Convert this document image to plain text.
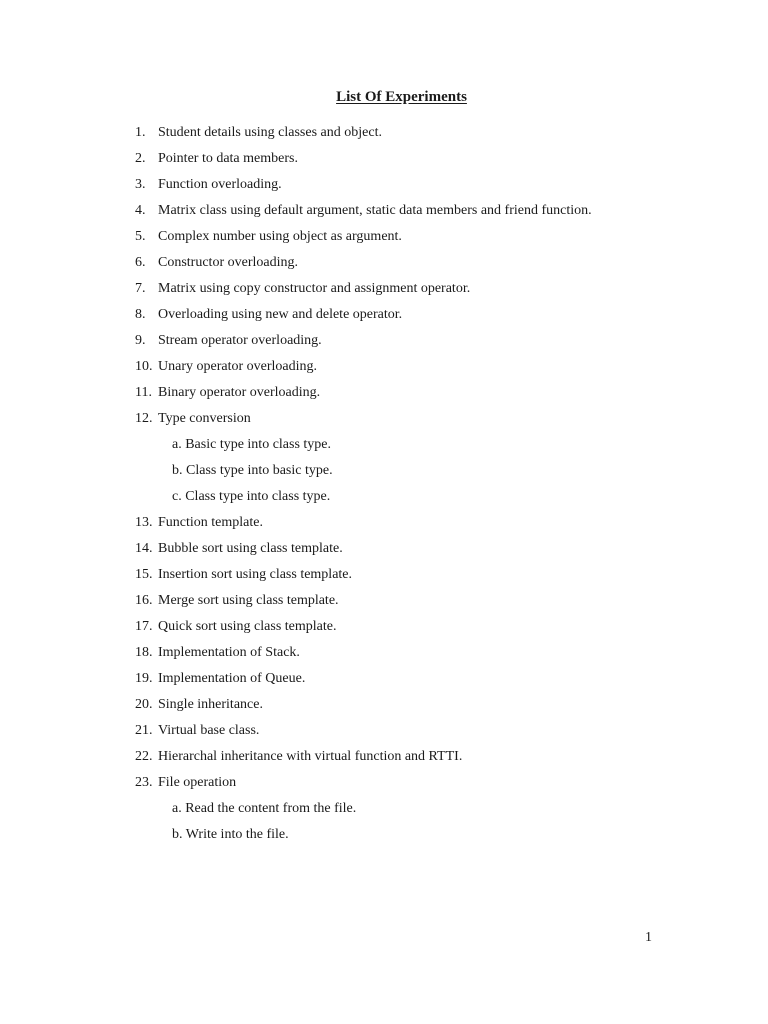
List Of Experiments
1. Student details using classes and object.
2. Pointer to data members.
3. Function overloading.
4. Matrix class using default argument, static data members and friend function.
5. Complex number using object as argument.
6. Constructor overloading.
7. Matrix using copy constructor and assignment operator.
8. Overloading using new and delete operator.
9. Stream operator overloading.
10. Unary operator overloading.
11. Binary operator overloading.
12. Type conversion
a. Basic type into class type.
b. Class type into basic type.
c. Class type into class type.
13. Function template.
14. Bubble sort using class template.
15. Insertion sort using class template.
16. Merge sort using class template.
17. Quick sort using class template.
18. Implementation of Stack.
19. Implementation of Queue.
20. Single inheritance.
21. Virtual base class.
22. Hierarchal inheritance with virtual function and RTTI.
23. File operation
a. Read the content from the file.
b. Write into the file.
1
